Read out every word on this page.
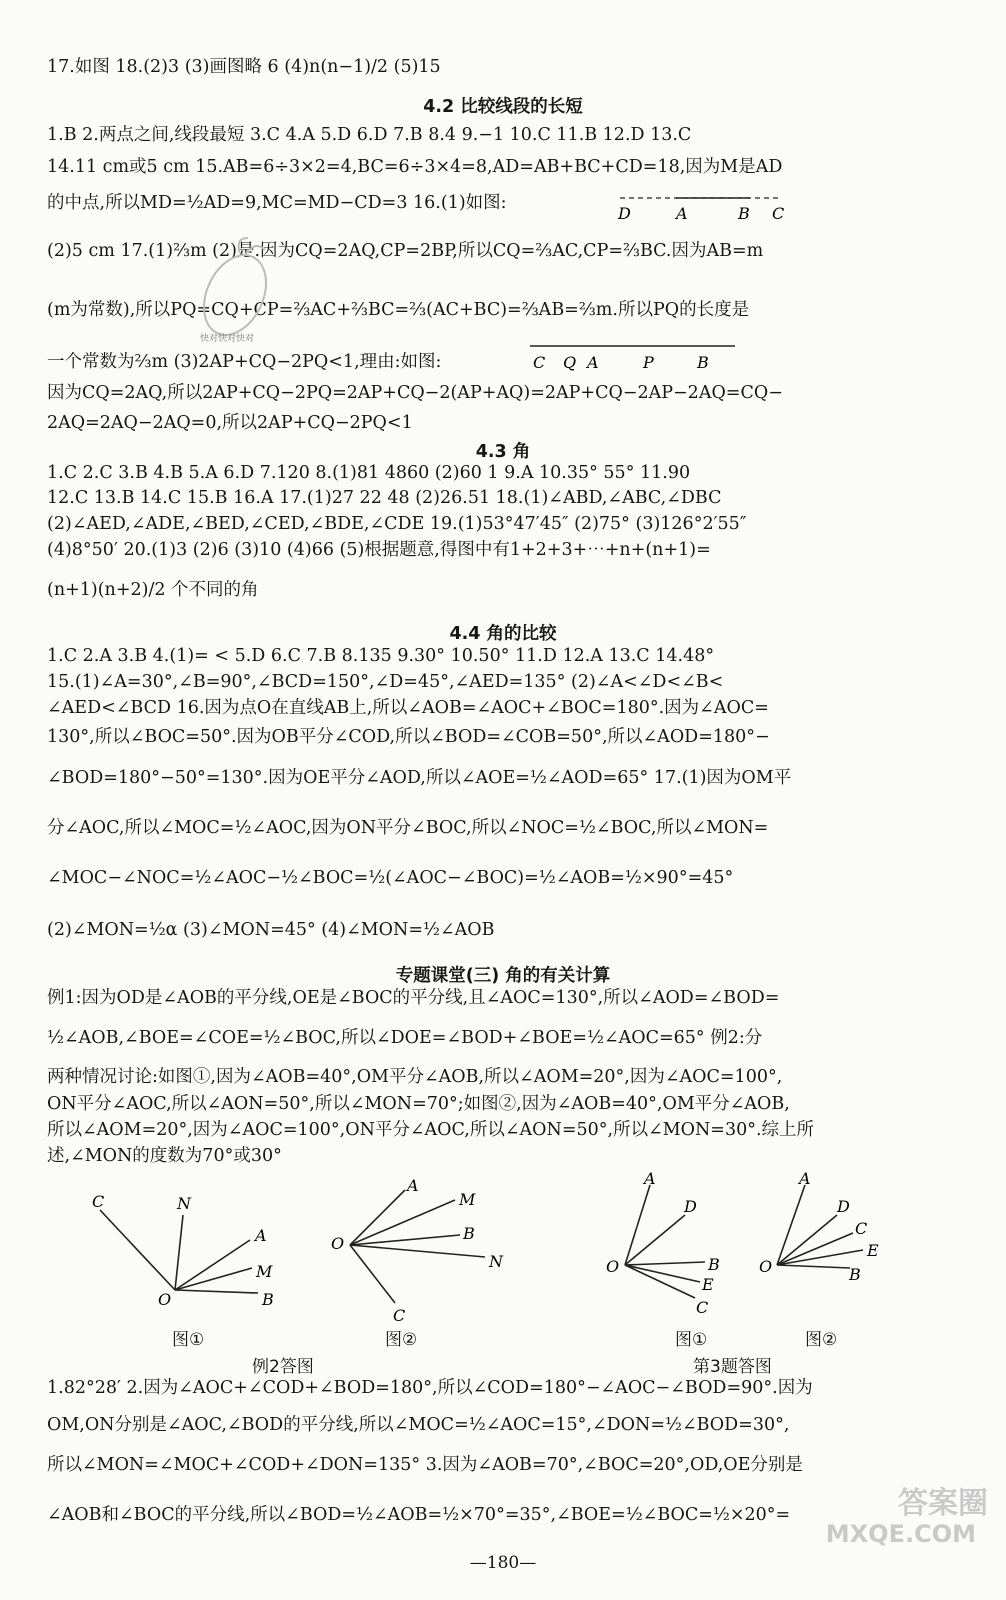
17.如图 18.(2)3 (3)画图略 6 (4)n(n−1)/2 (5)15
4.2 比较线段的长短
1.B 2.两点之间,线段最短 3.C 4.A 5.D 6.D 7.B 8.4 9.−1 10.C 11.B 12.D 13.C
14.11 cm或5 cm 15.AB=6÷3×2=4,BC=6÷3×4=8,AD=AB+BC+CD=18,因为M是AD
的中点,所以MD=½AD=9,MC=MD−CD=3 16.(1)如图:
D	A	B C
(2)5 cm 17.(1)⅔m (2)是.因为CQ=2AQ,CP=2BP,所以CQ=⅔AC,CP=⅔BC.因为AB=m
(m为常数),所以PQ=CQ+CP=⅔AC+⅔BC=⅔(AC+BC)=⅔AB=⅔m.所以PQ的长度是
一个常数为⅔m (3)2AP+CQ−2PQ<1,理由:如图:	C Q A	P	B
快对快对快对
因为CQ=2AQ,所以2AP+CQ−2PQ=2AP+CQ−2(AP+AQ)=2AP+CQ−2AP−2AQ=CQ−
2AQ=2AQ−2AQ=0,所以2AP+CQ−2PQ<1
4.3 角
1.C 2.C 3.B 4.B 5.A 6.D 7.120 8.(1)81 4860 (2)60 1 9.A 10.35° 55° 11.90
12.C 13.B 14.C 15.B 16.A 17.(1)27 22 48 (2)26.51 18.(1)∠ABD,∠ABC,∠DBC
(2)∠AED,∠ADE,∠BED,∠CED,∠BDE,∠CDE 19.(1)53°47′45″ (2)75° (3)126°2′55″
(4)8°50′ 20.(1)3 (2)6 (3)10 (4)66 (5)根据题意,得图中有1+2+3+⋯+n+(n+1)=
(n+1)(n+2)/2 个不同的角
4.4 角的比较
1.C 2.A 3.B 4.(1)= < 5.D 6.C 7.B 8.135 9.30° 10.50° 11.D 12.A 13.C 14.48°
15.(1)∠A=30°,∠B=90°,∠BCD=150°,∠D=45°,∠AED=135° (2)∠A<∠D<∠B<
∠AED<∠BCD 16.因为点O在直线AB上,所以∠AOB=∠AOC+∠BOC=180°.因为∠AOC=
130°,所以∠BOC=50°.因为OB平分∠COD,所以∠BOD=∠COB=50°,所以∠AOD=180°−
∠BOD=180°−50°=130°.因为OE平分∠AOD,所以∠AOE=½∠AOD=65° 17.(1)因为OM平
分∠AOC,所以∠MOC=½∠AOC,因为ON平分∠BOC,所以∠NOC=½∠BOC,所以∠MON=
∠MOC−∠NOC=½∠AOC−½∠BOC=½(∠AOC−∠BOC)=½∠AOB=½×90°=45°
(2)∠MON=½α (3)∠MON=45° (4)∠MON=½∠AOB
专题课堂(三) 角的有关计算
例1:因为OD是∠AOB的平分线,OE是∠BOC的平分线,且∠AOC=130°,所以∠AOD=∠BOD=
½∠AOB,∠BOE=∠COE=½∠BOC,所以∠DOE=∠BOD+∠BOE=½∠AOC=65° 例2:分
两种情况讨论:如图①,因为∠AOB=40°,OM平分∠AOB,所以∠AOM=20°,因为∠AOC=100°,
ON平分∠AOC,所以∠AON=50°,所以∠MON=70°;如图②,因为∠AOB=40°,OM平分∠AOB,
所以∠AOM=20°,因为∠AOC=100°,ON平分∠AOC,所以∠AON=50°,所以∠MON=30°.综上所
述,∠MON的度数为70°或30°
C	N
A
M
B
O
A
M
B
N
C
O
A
D
B
E
C
O
A
D
C
E
B
O
图①	图②
例2答图
图①	图②
第3题答图
1.82°28′ 2.因为∠AOC+∠COD+∠BOD=180°,所以∠COD=180°−∠AOC−∠BOD=90°.因为
OM,ON分别是∠AOC,∠BOD的平分线,所以∠MOC=½∠AOC=15°,∠DON=½∠BOD=30°,
所以∠MON=∠MOC+∠COD+∠DON=135° 3.因为∠AOB=70°,∠BOC=20°,OD,OE分别是
∠AOB和∠BOC的平分线,所以∠BOD=½∠AOB=½×70°=35°,∠BOE=½∠BOC=½×20°=
—180—
答案圈
MXQE.COM
